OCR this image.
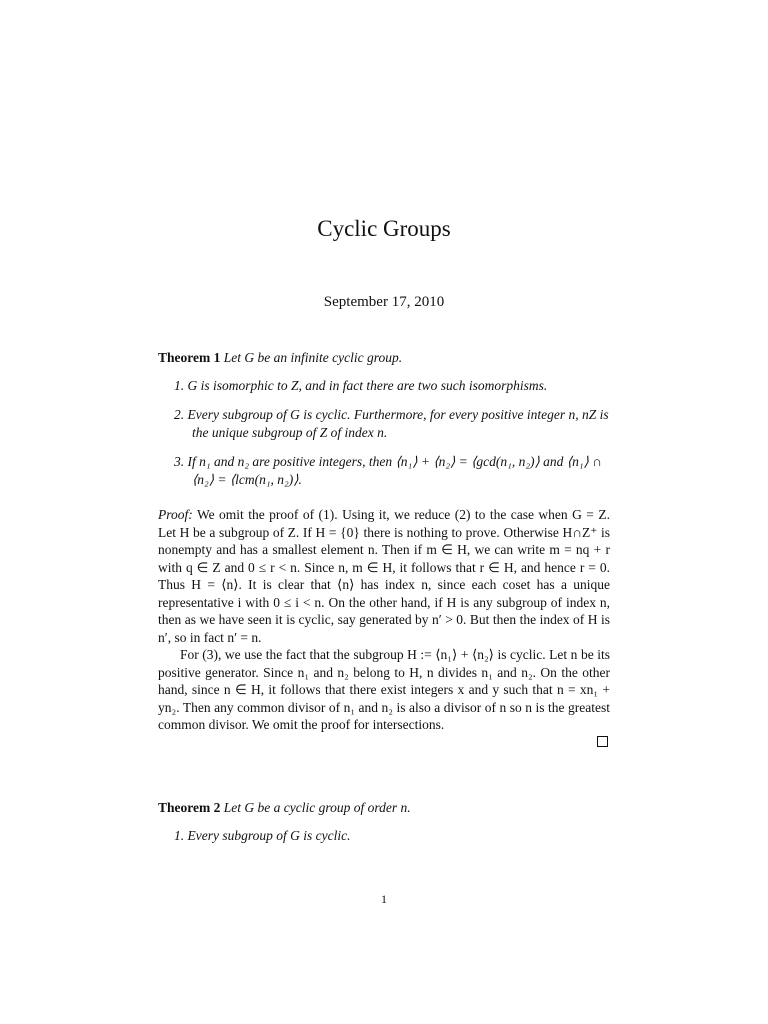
Cyclic Groups
September 17, 2010
Theorem 1 Let G be an infinite cyclic group.
1. G is isomorphic to Z, and in fact there are two such isomorphisms.
2. Every subgroup of G is cyclic. Furthermore, for every positive integer n, nZ is the unique subgroup of Z of index n.
3. If n₁ and n₂ are positive integers, then ⟨n₁⟩ + ⟨n₂⟩ = ⟨gcd(n₁, n₂)⟩ and ⟨n₁⟩ ∩ ⟨n₂⟩ = ⟨lcm(n₁, n₂)⟩.

Proof: We omit the proof of (1). Using it, we reduce (2) to the case when G = Z. Let H be a subgroup of Z. If H = {0} there is nothing to prove. Otherwise H∩Z⁺ is nonempty and has a smallest element n. Then if m ∈ H, we can write m = nq + r with q ∈ Z and 0 ≤ r < n. Since n, m ∈ H, it follows that r ∈ H, and hence r = 0. Thus H = ⟨n⟩. It is clear that ⟨n⟩ has index n, since each coset has a unique representative i with 0 ≤ i < n. On the other hand, if H is any subgroup of index n, then as we have seen it is cyclic, say generated by n′ > 0. But then the index of H is n′, so in fact n′ = n.

For (3), we use the fact that the subgroup H := ⟨n₁⟩ + ⟨n₂⟩ is cyclic. Let n be its positive generator. Since n₁ and n₂ belong to H, n divides n₁ and n₂. On the other hand, since n ∈ H, it follows that there exist integers x and y such that n = xn₁ + yn₂. Then any common divisor of n₁ and n₂ is also a divisor of n so n is the greatest common divisor. We omit the proof for intersections.

Theorem 2 Let G be a cyclic group of order n.
1. Every subgroup of G is cyclic.
1
